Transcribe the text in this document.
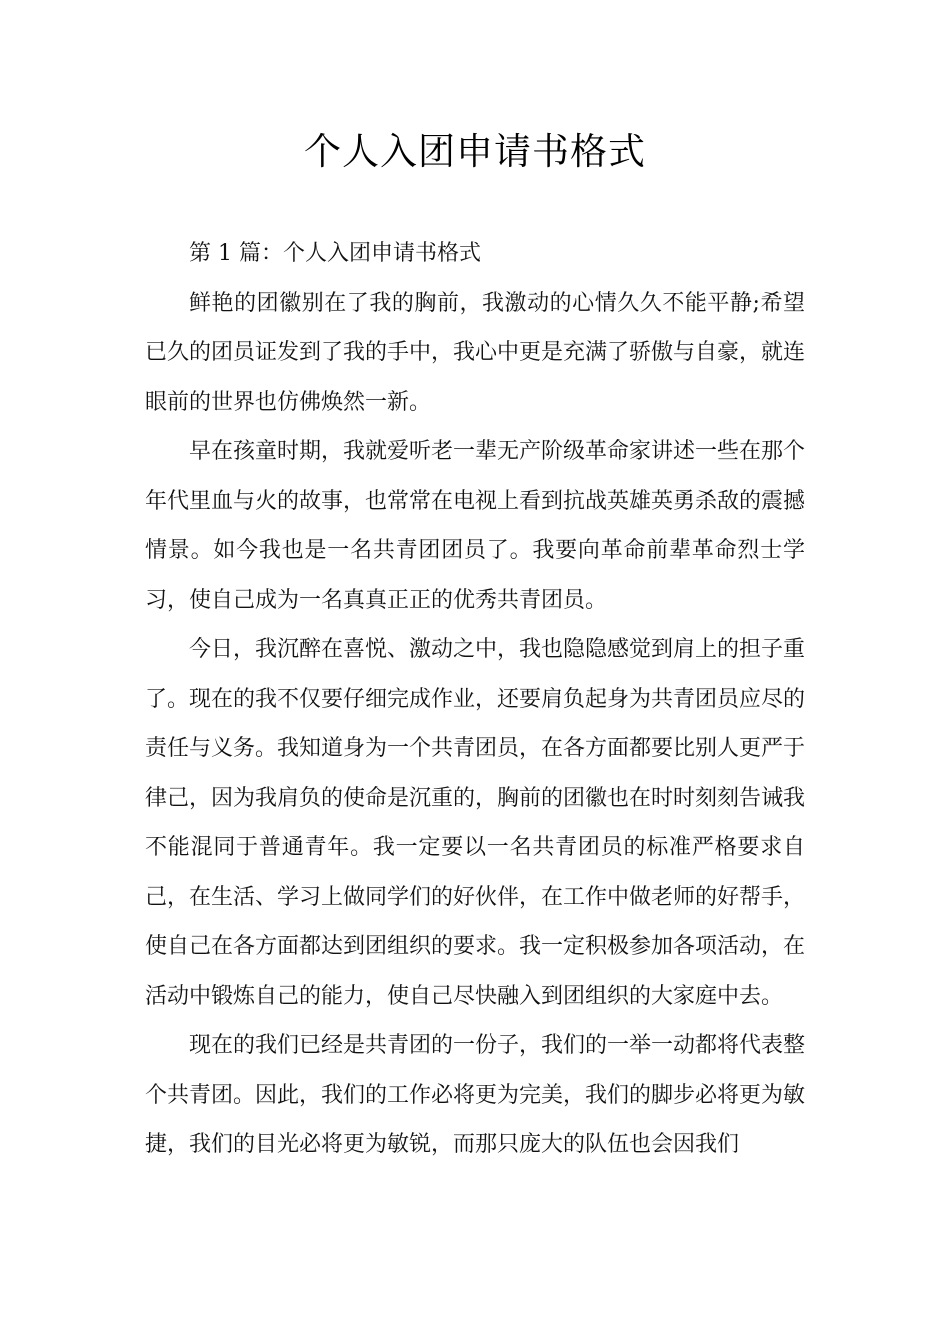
个人入团申请书格式

第 1 篇：个人入团申请书格式

鲜艳的团徽别在了我的胸前，我激动的心情久久不能平静;希望已久的团员证发到了我的手中，我心中更是充满了骄傲与自豪，就连眼前的世界也仿佛焕然一新。

早在孩童时期，我就爱听老一辈无产阶级革命家讲述一些在那个年代里血与火的故事，也常常在电视上看到抗战英雄英勇杀敌的震撼情景。如今我也是一名共青团团员了。我要向革命前辈革命烈士学习，使自己成为一名真真正正的优秀共青团员。

今日，我沉醉在喜悦、激动之中，我也隐隐感觉到肩上的担子重了。现在的我不仅要仔细完成作业，还要肩负起身为共青团员应尽的责任与义务。我知道身为一个共青团员，在各方面都要比别人更严于律己，因为我肩负的使命是沉重的，胸前的团徽也在时时刻刻告诫我不能混同于普通青年。我一定要以一名共青团员的标准严格要求自己，在生活、学习上做同学们的好伙伴，在工作中做老师的好帮手，使自己在各方面都达到团组织的要求。我一定积极参加各项活动，在活动中锻炼自己的能力，使自己尽快融入到团组织的大家庭中去。

现在的我们已经是共青团的一份子，我们的一举一动都将代表整个共青团。因此，我们的工作必将更为完美，我们的脚步必将更为敏捷，我们的目光必将更为敏锐，而那只庞大的队伍也会因我们
